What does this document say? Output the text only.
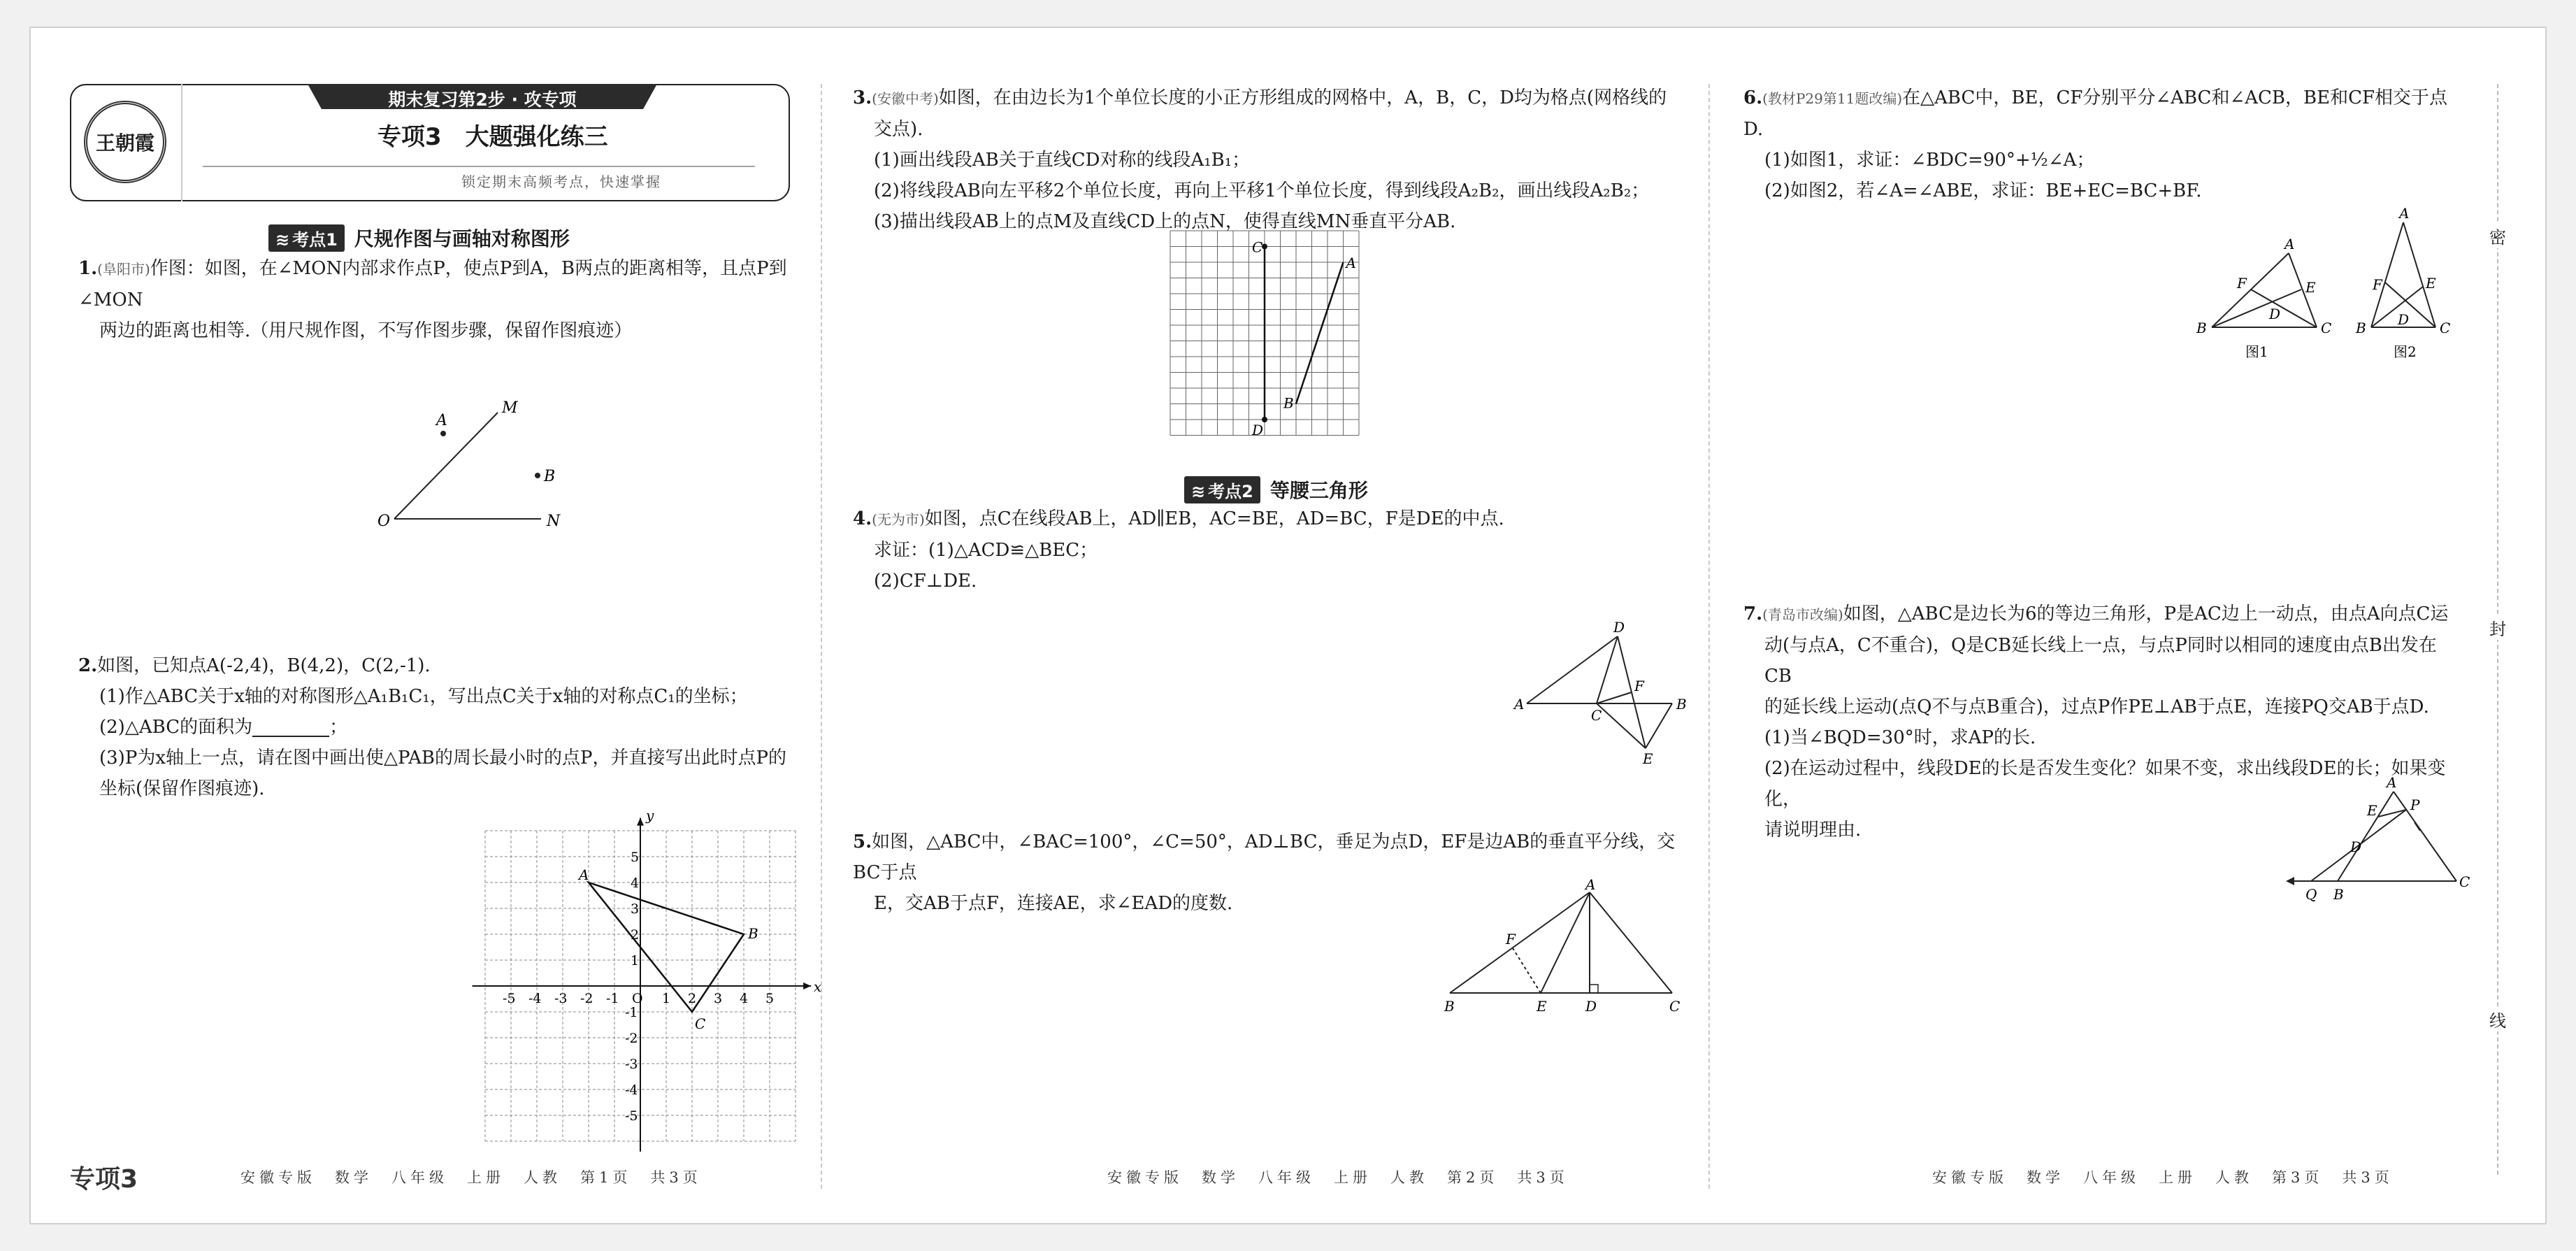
王朝霞
期末复习第2步 · 攻专项
专项3　大题强化练三
锁定期末高频考点，快速掌握
≋ 考点1 尺规作图与画轴对称图形
1.(阜阳市)作图：如图，在∠MON内部求作点P，使点P到A，B两点的距离相等，且点P到∠MON
两边的距离也相等.（用尺规作图，不写作图步骤，保留作图痕迹）
O	N
M
A
B
2.如图，已知点A(-2,4)，B(4,2)，C(2,-1).
(1)作△ABC关于x轴的对称图形△A₁B₁C₁，写出点C关于x轴的对称点C₁的坐标；
(2)△ABC的面积为	；
(3)P为x轴上一点，请在图中画出使△PAB的周长最小时的点P，并直接写出此时点P的
坐标(保留作图痕迹).
x
y
-5 -4 -3 -2 -1 O 1 2 3 4 5
5
4
3
2
1
-1
-2
-3
-4
-5
A
B
C
专项3	安徽专版　数学　八年级　上册　人教　第1页　共3页
3.(安徽中考)如图，在由边长为1个单位长度的小正方形组成的网格中，A，B，C，D均为格点(网格线的
交点).
(1)画出线段AB关于直线CD对称的线段A₁B₁；
(2)将线段AB向左平移2个单位长度，再向上平移1个单位长度，得到线段A₂B₂，画出线段A₂B₂；
(3)描出线段AB上的点M及直线CD上的点N，使得直线MN垂直平分AB.
C
D
A
B
≋ 考点2 等腰三角形
4.(无为市)如图，点C在线段AB上，AD∥EB，AC=BE，AD=BC，F是DE的中点.
求证：(1)△ACD≌△BEC；
(2)CF⊥DE.
A	B
C
D
E
F
5.如图，△ABC中，∠BAC=100°，∠C=50°，AD⊥BC，垂足为点D，EF是边AB的垂直平分线，交BC于点
E，交AB于点F，连接AE，求∠EAD的度数.
A
B	C
D
E
F
安徽专版　数学　八年级　上册　人教　第2页　共3页
6.(教材P29第11题改编)在△ABC中，BE，CF分别平分∠ABC和∠ACB，BE和CF相交于点D.
(1)如图1，求证：∠BDC=90°+½∠A；
(2)如图2，若∠A=∠ABE，求证：BE+EC=BC+BF.
A
B	C
D
E
F
图1
A
B	C
D
E
F
图2
7.(青岛市改编)如图，△ABC是边长为6的等边三角形，P是AC边上一动点，由点A向点C运
动(与点A，C不重合)，Q是CB延长线上一点，与点P同时以相同的速度由点B出发在CB
的延长线上运动(点Q不与点B重合)，过点P作PE⊥AB于点E，连接PQ交AB于点D.
(1)当∠BQD=30°时，求AP的长.
(2)在运动过程中，线段DE的长是否发生变化？如果不变，求出线段DE的长；如果变化，
请说明理由.
A
E P
D
Q B
C
安徽专版　数学　八年级　上册　人教　第3页　共3页
密
封
线
